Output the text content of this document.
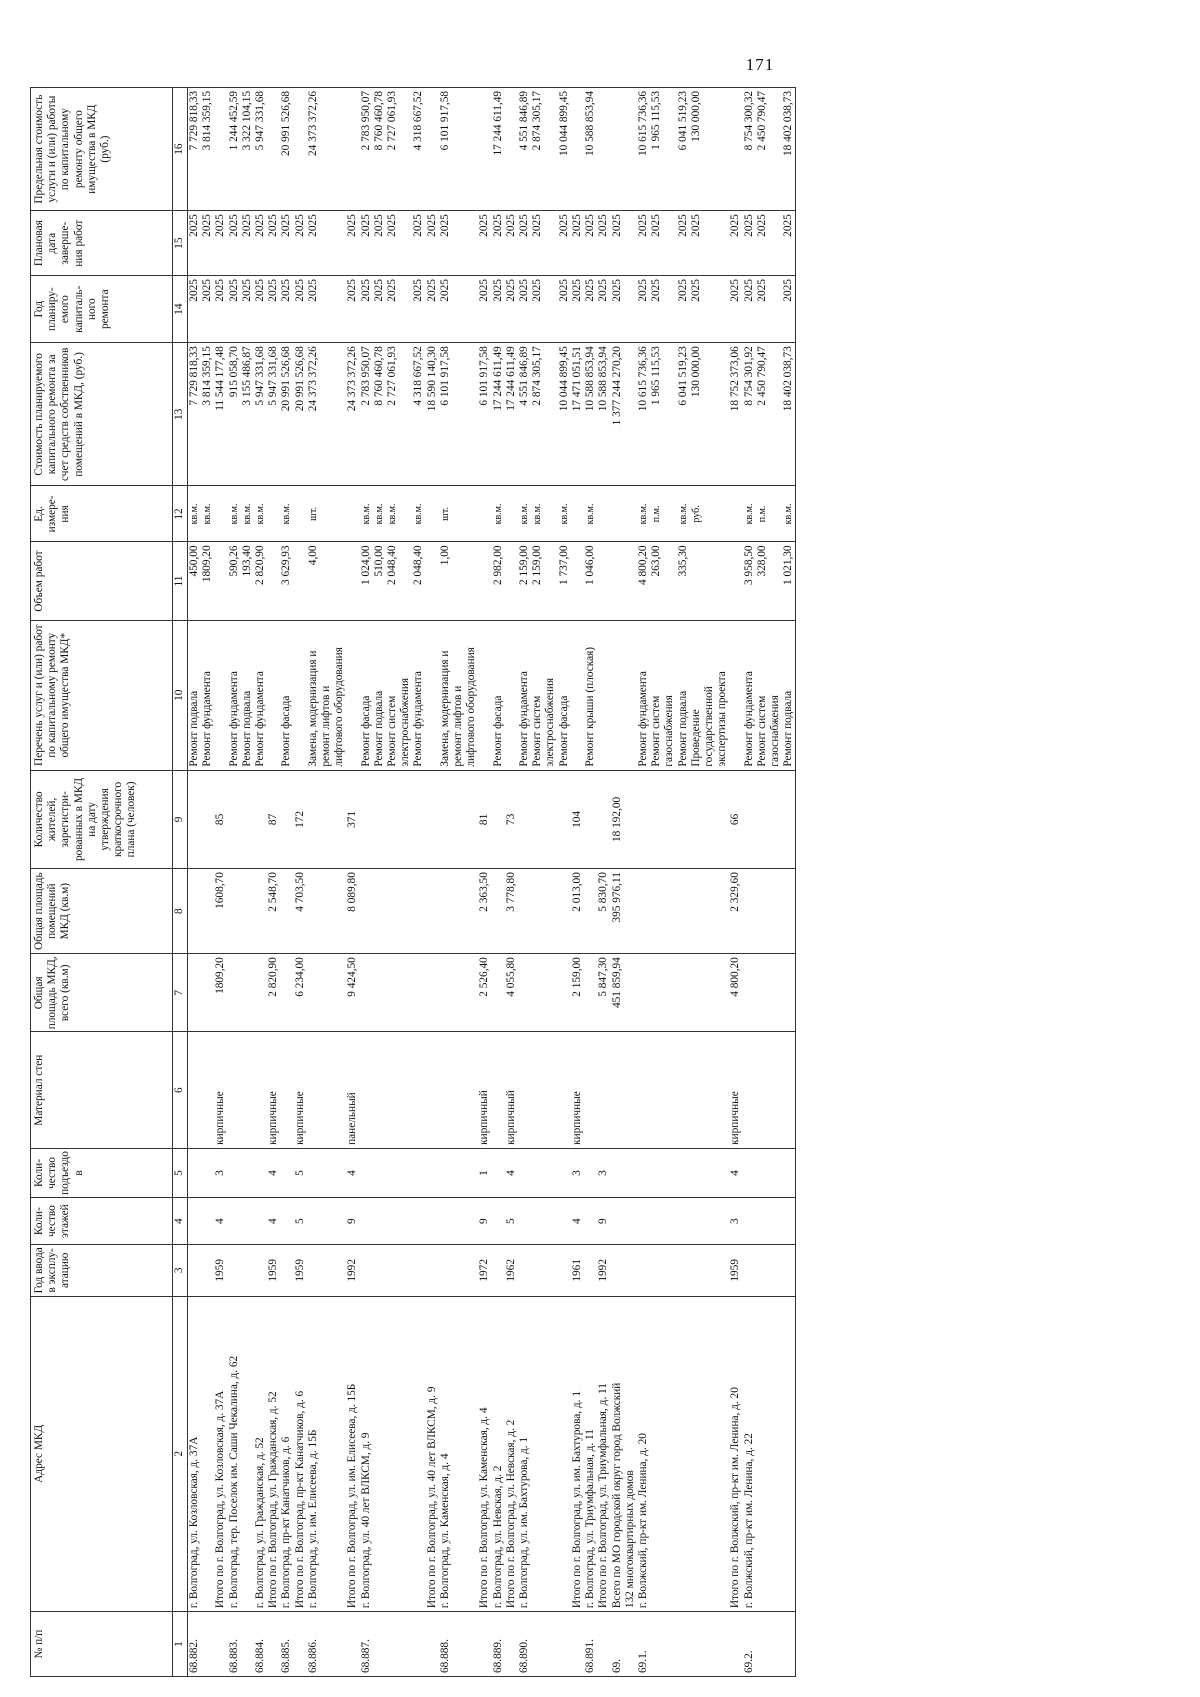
171
№ п/п	Адрес МКД	Год ввода в эксплу-атацию	Коли-чество этажей	Коли-чество подъездо в	Материал стен	Общая площадь МКД, всего (кв.м)	Общая площадь помещений МКД (кв.м)	Количество жителей, зарегистри-рованных в МКД на дату утверждения краткосрочного плана (человек)	Перечень услуг и (или) работ по капитальному ремонту общего имущества МКД*	Объем работ	Ед. измере-ния	Стоимость планируемого капитального ремонта за счет средств собственников помещений в МКД, (руб.)	Год планиру-емого капиталь-ного ремонта	Плановая дата заверше-ния работ	Предельная стоимость услуги и (или) работы по капитальному ремонту общего имущества в МКД (руб.)
1	2	3	4	5	6	7	8	9	10	11	12	13	14	15	16
68.882.	г. Волгоград, ул. Козловская, д. 37А								Ремонт подвала	450,00	кв.м.	7 729 818,33	2025	2025	7 729 818,33
									Ремонт фундамента	1809,20	кв.м.	3 814 359,15	2025	2025	3 814 359,15
	Итого по г. Волгоград, ул. Козловская, д. 37А	1959	4	3	кирпичные	1809,20	1608,70	85				11 544 177,48	2025	2025	
68.883.	г. Волгоград, тер. Поселок им. Саши Чекалина, д. 62								Ремонт фундамента	590,26	кв.м.	915 058,70	2025	2025	1 244 452,59

									Ремонт подвала	193,40	кв.м.	3 155 486,87	2025	2025	3 322 104,15

68.884.	г. Волгоград, ул. Гражданская, д. 52								Ремонт фундамента	2 820,90	кв.м.	5 947 331,68	2025	2025	5 947 331,68
	Итого по г. Волгоград, ул. Гражданская, д. 52	1959	4	4	кирпичные	2 820,90	2 548,70	87				5 947 331,68	2025	2025	
68.885.	г. Волгоград, пр-кт Канатчиков, д. 6								Ремонт фасада	3 629,93	кв.м.	20 991 526,68	2025	2025	20 991 526,68
	Итого по г. Волгоград, пр-кт Канатчиков, д. 6	1959	5	5	кирпичные	6 234,00	4 703,50	172				20 991 526,68	2025	2025	
68.886.	г. Волгоград, ул. им. Елисеева, д. 15Б								Замена, модернизация и	4,00	шт.	24 373 372,26	2025	2025	24 373 372,26
									ремонт лифтов и						
									лифтового оборудования						
	Итого по г. Волгоград, ул. им. Елисеева, д. 15Б	1992	9	4	панельный	9 424,50	8 089,80	371				24 373 372,26	2025	2025	
68.887.	г. Волгоград, ул. 40 лет ВЛКСМ, д. 9								Ремонт фасада	1 024,00	кв.м.	2 783 950,07	2025	2025	2 783 950,07
									Ремонт подвала	510,00	кв.м.	8 760 460,78	2025	2025	8 760 460,78
									Ремонт систем	2 048,40	кв.м.	2 727 061,93	2025	2025	2 727 061,93
									электроснабжения						
									Ремонт фундамента	2 048,40	кв.м.	4 318 667,52	2025	2025	4 318 667,52
	Итого по г. Волгоград, ул. 40 лет ВЛКСМ, д. 9											18 590 140,30	2025	2025	
68.888.	г. Волгоград, ул. Каменская, д. 4								Замена, модернизация и	1,00	шт.	6 101 917,58	2025	2025	6 101 917,58
									ремонт лифтов и						
									лифтового оборудования						
	Итого по г. Волгоград, ул. Каменская, д. 4	1972	9	1	кирпичный	2 526,40	2 363,50	81				6 101 917,58	2025	2025	
68.889.	г. Волгоград, ул. Невская, д. 2								Ремонт фасада	2 982,00	кв.м.	17 244 611,49	2025	2025	17 244 611,49
	Итого по г. Волгоград, ул. Невская, д. 2	1962	5	4	кирпичный	4 055,80	3 778,80	73				17 244 611,49	2025	2025	
68.890.	г. Волгоград, ул. им. Бахтурова, д. 1								Ремонт фундамента	2 159,00	кв.м.	4 551 846,89	2025	2025	4 551 846,89

									Ремонт систем	2 159,00	кв.м.	2 874 305,17	2025	2025	2 874 305,17
									электроснабжения						

									Ремонт фасада	1 737,00	кв.м.	10 044 899,45	2025	2025	10 044 899,45

	Итого по г. Волгоград, ул. им. Бахтурова, д. 1	1961	4	3	кирпичные	2 159,00	2 013,00	104				17 471 051,51	2025	2025	
68.891.	г. Волгоград, ул. Триумфальная, д. 11								Ремонт крыши (плоская)	1 046,00	кв.м.	10 588 853,94	2025	2025	10 588 853,94
	Итого по г. Волгоград, ул. Триумфальная, д. 11	1992	9	3		5 847,30	5 830,70					10 588 853,94	2025	2025	
69.	Всего по МО городской округ город Волжский					451 859,94	395 976,11	18 192,00				1 377 244 270,20	2025	2025	
	132 многоквартирных домов														
69.1.	г. Волжский, пр-кт им. Ленина, д. 20								Ремонт фундамента	4 800,20	кв.м.	10 615 736,36	2025	2025	10 615 736,36
									Ремонт систем	263,00	п.м.	1 965 115,53	2025	2025	1 965 115,53
									газоснабжения						
									Ремонт подвала	335,30	кв.м.	6 041 519,23	2025	2025	6 041 519,23
									Проведение		руб.	130 000,00	2025	2025	130 000,00
									государственной						
									экспертизы проекта						
	Итого по г. Волжский, пр-кт им. Ленина, д. 20	1959	3	4	кирпичные	4 800,20	2 329,60	66				18 752 373,06	2025	2025	
69.2.	г. Волжский, пр-кт им. Ленина, д. 22								Ремонт фундамента	3 958,50	кв.м.	8 754 301,92	2025	2025	8 754 300,32
									Ремонт систем	328,00	п.м.	2 450 790,47	2025	2025	2 450 790,47
									газоснабжения						
									Ремонт подвала	1 021,30	кв.м.	18 402 038,73	2025	2025	18 402 038,73
